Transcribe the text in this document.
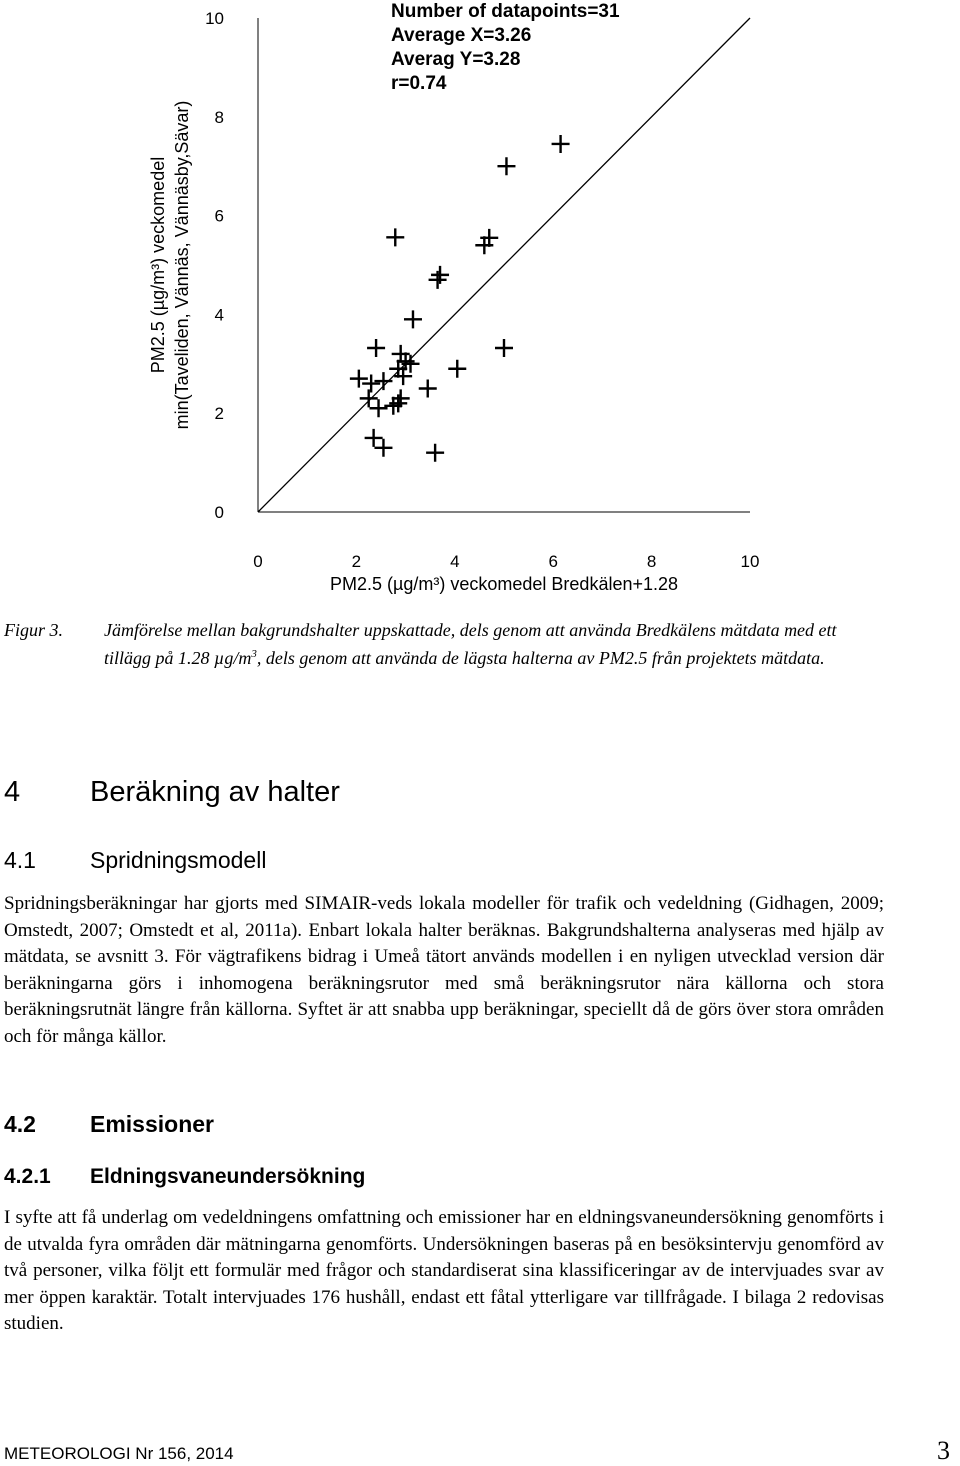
0	2	4	6	8	10
0
2
4
6
8
10
PM2.5 (µg/m³) veckomedel Bredkälen+1.28
PM2.5 (µg/m³) veckomedel min(Taveliden, Vännäs, Vännäsby,Sävar)
Number of datapoints=31
Average X=3.26
Averag Y=3.28
r=0.74
Figur 3. Jämförelse mellan bakgrundshalter uppskattade, dels genom att använda Bredkälens mätdata med ett tillägg på 1.28 $\mu g/m^3$, dels genom att använda de lägsta halterna av PM2.5 från projektets mätdata.
4 Beräkning av halter
4.1 Spridningsmodell
Spridningsberäkningar har gjorts med SIMAIR-veds lokala modeller för trafik och vedeldning (Gidhagen, 2009; Omstedt, 2007; Omstedt et al, 2011a). Enbart lokala halter beräknas. Bakgrundshalterna analyseras med hjälp av mätdata, se avsnitt 3. För vägtrafikens bidrag i Umeå tätort används modellen i en nyligen utvecklad version där beräkningarna görs i inhomogena beräkningsrutor med små beräkningsrutor nära källorna och stora beräkningsrutnät längre från källorna. Syftet är att snabba upp beräkningar, speciellt då de görs över stora områden och för många källor.
4.2 Emissioner
4.2.1 Eldningsvaneundersökning
I syfte att få underlag om vedeldningens omfattning och emissioner har en eldningsvaneundersökning genomförts i de utvalda fyra områden där mätningarna genomförts. Undersökningen baseras på en besöksintervju genomförd av två personer, vilka följt ett formulär med frågor och standardiserat sina klassificeringar av de intervjuades svar av mer öppen karaktär. Totalt intervjuades 176 hushåll, endast ett fåtal ytterligare var tillfrågade. I bilaga 2 redovisas studien.
METEOROLOGI Nr 156, 2014	3
